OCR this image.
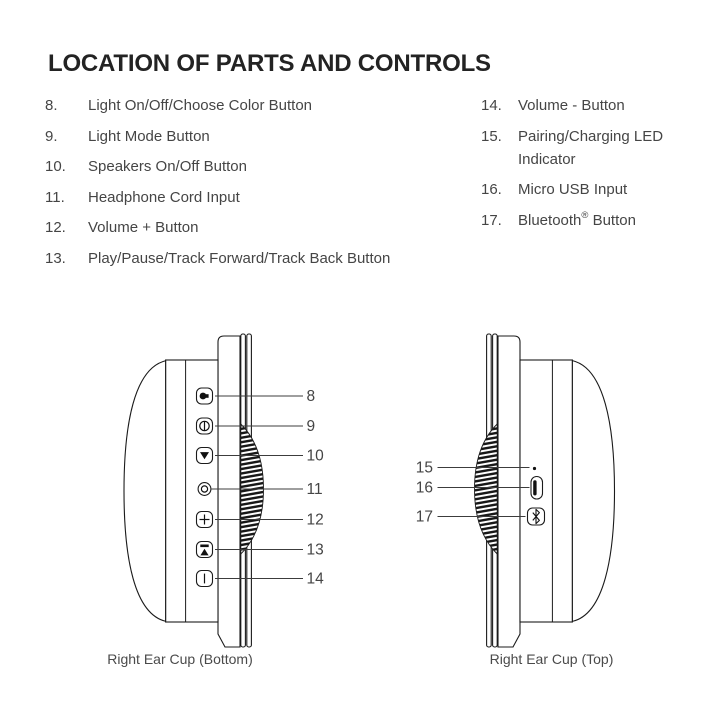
LOCATION OF PARTS AND CONTROLS
8.	Light On/Off/Choose Color Button
9.	Light Mode Button
10.	Speakers On/Off Button
11.	Headphone Cord Input
12.	Volume + Button
13.	Play/Pause/Track Forward/Track Back Button
14.	Volume - Button
15.	Pairing/Charging LED Indicator
16.	Micro USB Input
17.	Bluetooth® Button
8
9
10
11
12
13
14
Right Ear Cup (Bottom)
15
16
17
Right Ear Cup (Top)
